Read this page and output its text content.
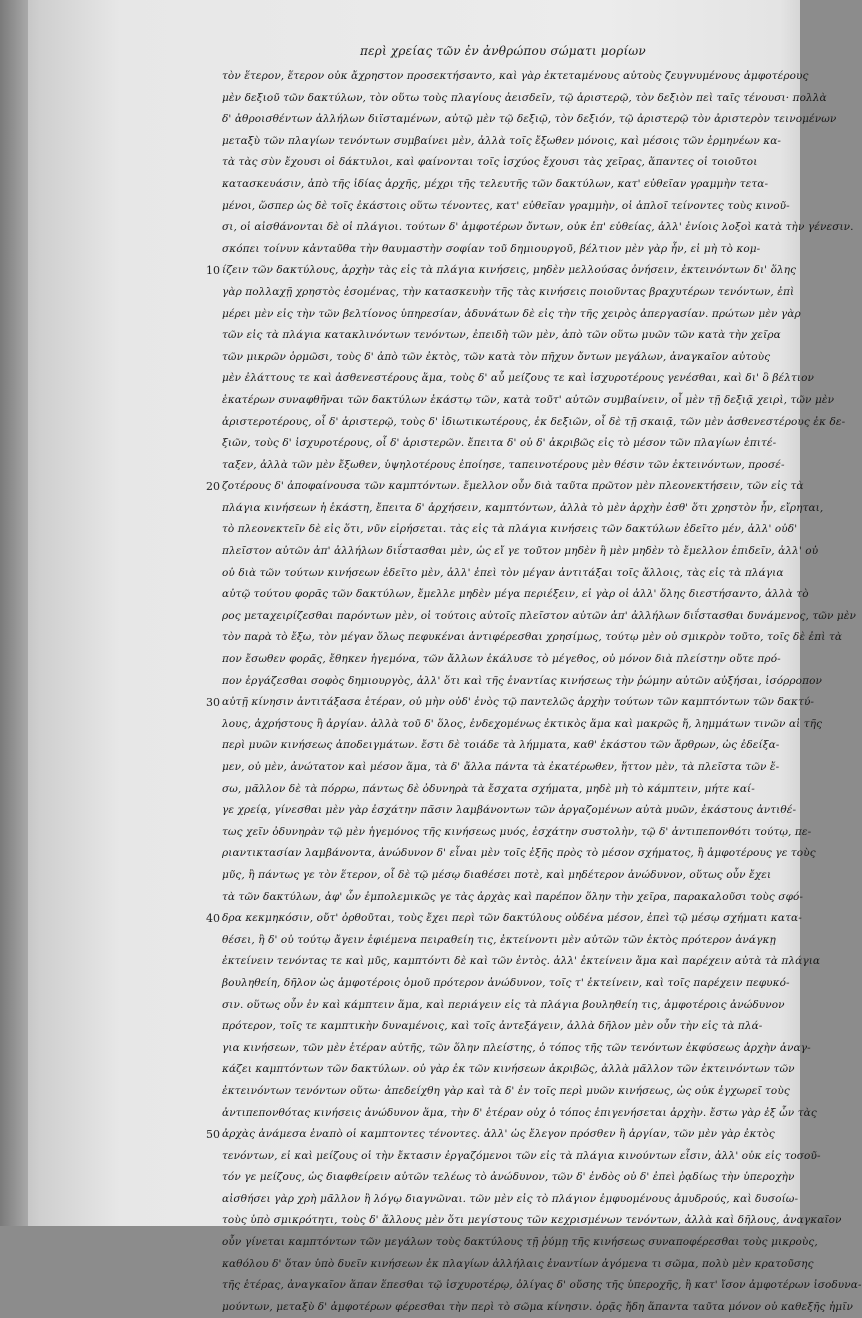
περὶ χρείας τῶν ἐν ἀνθρώπου σώματι μορίων
τὸν ἕτερον, ἕτερον οὐκ ἄχρηστον προσεκτήσαντο, καὶ γὰρ ἐκτεταμένους αὐτοὺς ζευγνυμένους ἀμφοτέρους
μὲν δεξιοῦ τῶν δακτύλων, τὸν οὕτω τοὺς πλαγίους ἀεισδεῖν, τῷ ἀριστερῷ, τὸν δεξιὸν πεὶ ταῖς τένουσι· πολλὰ
δ' ἀθροισθέντων ἀλλήλων διϊσταμένων, αὐτῷ μὲν τῷ δεξιῷ, τὸν δεξιόν, τῷ ἀριστερῷ τὸν ἀριστερὸν τεινομένων
μεταξὺ τῶν πλαγίων τενόντων συμβαίνει μὲν, ἀλλὰ τοῖς ἔξωθεν μόνοις, καὶ μέσοις τῶν ἑρμηνέων κα-
τὰ τὰς σὺν ἔχουσι οἱ δάκτυλοι, καὶ φαίνονται τοῖς ἰσχύος ἔχουσι τὰς χεῖρας, ἅπαντες οἱ τοιοῦτοι
κατασκευάσιν, ἀπὸ τῆς ἰδίας ἀρχῆς, μέχρι τῆς τελευτῆς τῶν δακτύλων, κατ' εὐθεῖαν γραμμὴν τετα-
μένοι, ὥσπερ ὡς δὲ τοῖς ἐκάστοις οὕτω τένοντες, κατ' εὐθεῖαν γραμμὴν, οἱ ἁπλοῖ τείνοντες τοὺς κινοῦ-
σι, οἱ αἰσθάνονται δὲ οἱ πλάγιοι. τούτων δ' ἀμφοτέρων ὄντων, οὐκ ἐπ' εὐθείας, ἀλλ' ἐνίοις λοξοὶ κατὰ τὴν γένεσιν.
σκόπει τοίνυν κἀνταῦθα τὴν θαυμαστὴν σοφίαν τοῦ δημιουργοῦ, βέλτιον μὲν γὰρ ἦν, εἰ μὴ τὸ κομ-
ίζειν τῶν δακτύλους, ἀρχὴν τὰς εἰς τὰ πλάγια κινήσεις, μηδὲν μελλούσας ὀνήσειν, ἐκτεινόντων δι' ὅλης
γὰρ πολλαχῇ χρηστὸς ἐσομένας, τὴν κατασκευὴν τῆς τὰς κινήσεις ποιοῦντας βραχυτέρων τενόντων, ἐπὶ
μέρει μὲν εἰς τὴν τῶν βελτίονος ὑπηρεσίαν, ἀδυνάτων δὲ εἰς τὴν τῆς χειρὸς ἀπεργασίαν. πρώτων μὲν γὰρ
τῶν εἰς τὰ πλάγια κατακλινόντων τενόντων, ἐπειδὴ τῶν μὲν, ἀπὸ τῶν οὕτω μυῶν τῶν κατὰ τὴν χεῖρα
τῶν μικρῶν ὁρμῶσι, τοὺς δ' ἀπὸ τῶν ἐκτὸς, τῶν κατὰ τὸν πῆχυν ὄντων μεγάλων, ἀναγκαῖον αὐτοὺς
μὲν ἐλάττους τε καὶ ἀσθενεστέρους ἅμα, τοὺς δ' αὖ μείζους τε καὶ ἰσχυροτέρους γενέσθαι, καὶ δι' ὃ βέλτιον
ἑκατέρων συναφθῆναι τῶν δακτύλων ἑκάστῳ τῶν, κατὰ τοῦτ' αὐτῶν συμβαίνειν, οἷ μὲν τῇ δεξιᾷ χειρὶ, τῶν μὲν
ἀριστεροτέρους, οἷ δ' ἀριστερῷ, τοὺς δ' ἰδιωτικωτέρους, ἐκ δεξιῶν, οἷ δὲ τῇ σκαιᾷ, τῶν μὲν ἀσθενεστέρους ἐκ δε-
ξιῶν, τοὺς δ' ἰσχυροτέρους, οἷ δ' ἀριστερῶν. ἔπειτα δ' οὐ δ' ἀκριβῶς εἰς τὸ μέσον τῶν πλαγίων ἐπιτέ-
ταξεν, ἀλλὰ τῶν μὲν ἔξωθεν, ὑψηλοτέρους ἐποίησε, ταπεινοτέρους μὲν θέσιν τῶν ἐκτεινόντων, προσέ-
ζοτέρους δ' ἀποφαίνουσα τῶν καμπτόντων. ἔμελλον οὖν διὰ ταῦτα πρῶτον μὲν πλεονεκτήσειν, τῶν εἰς τὰ
πλάγια κινήσεων ἡ ἑκάστη, ἔπειτα δ' ἀρχήσειν, καμπτόντων, ἀλλὰ τὸ μὲν ἀρχὴν ἐσθ' ὅτι χρηστὸν ἦν, εἴρηται,
τὸ πλεονεκτεῖν δὲ εἰς ὅτι, νῦν εἰρήσεται. τὰς εἰς τὰ πλάγια κινήσεις τῶν δακτύλων ἐδεῖτο μέν, ἀλλ' οὐδ'
πλεῖστον αὐτῶν ἀπ' ἀλλήλων διΐστασθαι μὲν, ὡς εἴ γε τοῦτον μηδὲν ἢ μὲν μηδὲν τὸ ἔμελλον ἐπιδεῖν, ἀλλ' οὐ
οὐ διὰ τῶν τούτων κινήσεων ἐδεῖτο μὲν, ἀλλ' ἐπεὶ τὸν μέγαν ἀντιτάξαι τοῖς ἄλλοις, τὰς εἰς τὰ πλάγια
αὐτῷ τούτου φορᾶς τῶν δακτύλων, ἔμελλε μηδὲν μέγα περιέξειν, εἰ γὰρ οἱ ἀλλ' ὅλης διεστήσαντο, ἀλλὰ τὸ
ρος μεταχειρίζεσθαι παρόντων μὲν, οἱ τούτοις αὐτοῖς πλεῖστον αὐτῶν ἀπ' ἀλλήλων διΐστασθαι δυνάμενος, τῶν μὲν
τὸν παρὰ τὸ ἔξω, τὸν μέγαν ὅλως πεφυκέναι ἀντιφέρεσθαι χρησίμως, τούτῳ μὲν οὐ σμικρὸν τοῦτο, τοῖς δὲ ἐπὶ τὰ
πον ἔσωθεν φορᾶς, ἔθηκεν ἡγεμόνα, τῶν ἄλλων ἐκάλυσε τὸ μέγεθος, οὐ μόνον διὰ πλείστην οὔτε πρό-
πον ἐργάζεσθαι σοφὸς δημιουργὸς, ἀλλ' ὅτι καὶ τῆς ἐναντίας κινήσεως τὴν ῥώμην αὐτῶν αὐξήσαι, ἰσόρροπον
αὐτῇ κίνησιν ἀντιτάξασα ἑτέραν, οὐ μὴν οὐδ' ἐνὸς τῷ παντελῶς ἀρχὴν τούτων τῶν καμπτόντων τῶν δακτύ-
λους, ἀχρήστους ἢ ἀργίαν. ἀλλὰ τοῦ δ' ὅλος, ἐνδεχομένως ἐκτικὸς ἅμα καὶ μακρῶς ἤ, λημμάτων τινῶν αἱ τῆς
περὶ μυῶν κινήσεως ἀποδειγμάτων. ἔστι δὲ τοιάδε τὰ λήμματα, καθ' ἑκάστου τῶν ἄρθρων, ὡς ἐδείξα-
μεν, οὐ μὲν, ἀνώτατον καὶ μέσον ἅμα, τὰ δ' ἄλλα πάντα τὰ ἐκατέρωθεν, ἥττον μὲν, τὰ πλεῖστα τῶν ἔ-
σω, μᾶλλον δὲ τὰ πόρρω, πάντως δὲ ὀδυνηρὰ τὰ ἔσχατα σχήματα, μηδὲ μὴ τὸ κάμπτειν, μήτε καί-
γε χρείᾳ, γίνεσθαι μὲν γὰρ ἐσχάτην πᾶσιν λαμβάνοντων τῶν ἀργαζομένων αὐτὰ μυῶν, ἑκάστους ἀντιθέ-
τως χεῖν ὀδυνηρὰν τῷ μὲν ἡγεμόνος τῆς κινήσεως μυός, ἐσχάτην συστολὴν, τῷ δ' ἀντιπεπονθότι τούτῳ, πε-
ριαντικτασίαν λαμβάνοντα, ἀνώδυνον δ' εἶναι μὲν τοῖς ἑξῆς πρὸς τὸ μέσον σχήματος, ἢ ἀμφοτέρους γε τοὺς
μῦς, ἢ πάντως γε τὸν ἕτερον, οἷ δὲ τῷ μέσῳ διαθέσει ποτὲ, καὶ μηδέτερον ἀνώδυνον, οὕτως οὖν ἔχει
τὰ τῶν δακτύλων, ἀφ' ὧν ἐμπολεμικῶς γε τὰς ἀρχὰς καὶ παρέπον ὅλην τὴν χεῖρα, παρακαλοῦσι τοὺς σφό-
δρα κεκμηκόσιν, οὔτ' ὀρθοῦται, τοὺς ἔχει περὶ τῶν δακτύλους οὐδένα μέσον, ἐπεὶ τῷ μέσῳ σχήματι κατα-
θέσει, ἢ δ' οὐ τούτῳ ἄγειν ἐφιέμενα πειραθείη τις, ἐκτείνοντι μὲν αὐτῶν τῶν ἐκτὸς πρότερον ἀνάγκῃ
ἐκτείνειν τενόντας τε καὶ μῦς, καμπτόντι δὲ καὶ τῶν ἐντὸς. ἀλλ' ἐκτείνειν ἅμα καὶ παρέχειν αὐτὰ τὰ πλάγια
βουληθείη, δῆλον ὡς ἀμφοτέροις ὁμοῦ πρότερον ἀνώδυνον, τοῖς τ' ἐκτείνειν, καὶ τοῖς παρέχειν πεφυκό-
σιν. οὕτως οὖν ἐν καὶ κάμπτειν ἅμα, καὶ περιάγειν εἰς τὰ πλάγια βουληθείη τις, ἀμφοτέροις ἀνώδυνον
πρότερον, τοῖς τε καμπτικὴν δυναμένοις, καὶ τοῖς ἀντεξάγειν, ἀλλὰ δῆλον μὲν οὖν τὴν εἰς τὰ πλά-
για κινήσεων, τῶν μὲν ἑτέραν αὐτῆς, τῶν ὅλην πλείστης, ὁ τόπος τῆς τῶν τενόντων ἐκφύσεως ἀρχὴν ἀναγ-
κάζει καμπτόντων τῶν δακτύλων. οὐ γὰρ ἐκ τῶν κινήσεων ἀκριβῶς, ἀλλὰ μᾶλλον τῶν ἐκτεινόντων τῶν
ἐκτεινόντων τενόντων οὕτω· ἀπεδείχθη γὰρ καὶ τὰ δ' ἐν τοῖς περὶ μυῶν κινήσεως, ὡς οὐκ ἐγχωρεῖ τοὺς
ἀντιπεπονθότας κινήσεις ἀνώδυνον ἅμα, τὴν δ' ἑτέραν οὐχ ὁ τόπος ἐπιγενήσεται ἀρχὴν. ἔστω γὰρ ἐξ ὧν τὰς
ἀρχὰς ἀνάμεσα ἐναπὸ οἱ καμπτοντες τένοντες. ἀλλ' ὡς ἔλεγον πρόσθεν ἢ ἀργίαν, τῶν μὲν γὰρ ἐκτὸς
τενόντων, εἰ καὶ μείζους οἱ τὴν ἔκτασιν ἐργαζόμενοι τῶν εἰς τὰ πλάγια κινούντων εἶσιν, ἀλλ' οὐκ εἰς τοσοῦ-
τόν γε μείζους, ὡς διαφθείρειν αὐτῶν τελέως τὸ ἀνώδυνον, τῶν δ' ἐνδὸς οὐ δ' ἐπεὶ ῥᾳδίως τὴν ὑπεροχὴν
αἰσθήσει γὰρ χρὴ μᾶλλον ἢ λόγῳ διαγνῶναι. τῶν μὲν εἰς τὸ πλάγιον ἐμφυομένους ἀμυδρούς, καὶ δυσοίω-
τοὺς ὑπὸ σμικρότητι, τοὺς δ' ἄλλους μὲν ὅτι μεγίστους τῶν κεχρισμένων τενόντων, ἀλλὰ καὶ δῆλους, ἀναγκαῖον
οὖν γίνεται καμπτόντων τῶν μεγάλων τοὺς δακτύλους τῇ ῥύμῃ τῆς κινήσεως συναποφέρεσθαι τοὺς μικροὺς,
καθόλου δ' ὅταν ὑπὸ δυεῖν κινήσεων ἐκ πλαγίων ἀλλήλαις ἐναντίων ἀγόμενα τι σῶμα, πολὺ μὲν κρατοῦσης
τῆς ἑτέρας, ἀναγκαῖον ἅπαν ἕπεσθαι τῷ ἰσχυροτέρῳ, ὀλίγας δ' οὔσης τῆς ὑπεροχῆς, ἢ κατ' ἴσον ἀμφοτέρων ἰσοδυνα-
μούντων, μεταξὺ δ' ἀμφοτέρων φέρεσθαι τὴν περὶ τὸ σῶμα κίνησιν. ὁρᾷς ἤδη ἅπαντα ταῦτα μόνον οὐ καθεξῆς ἡμῖν
10
20
30
40
50
